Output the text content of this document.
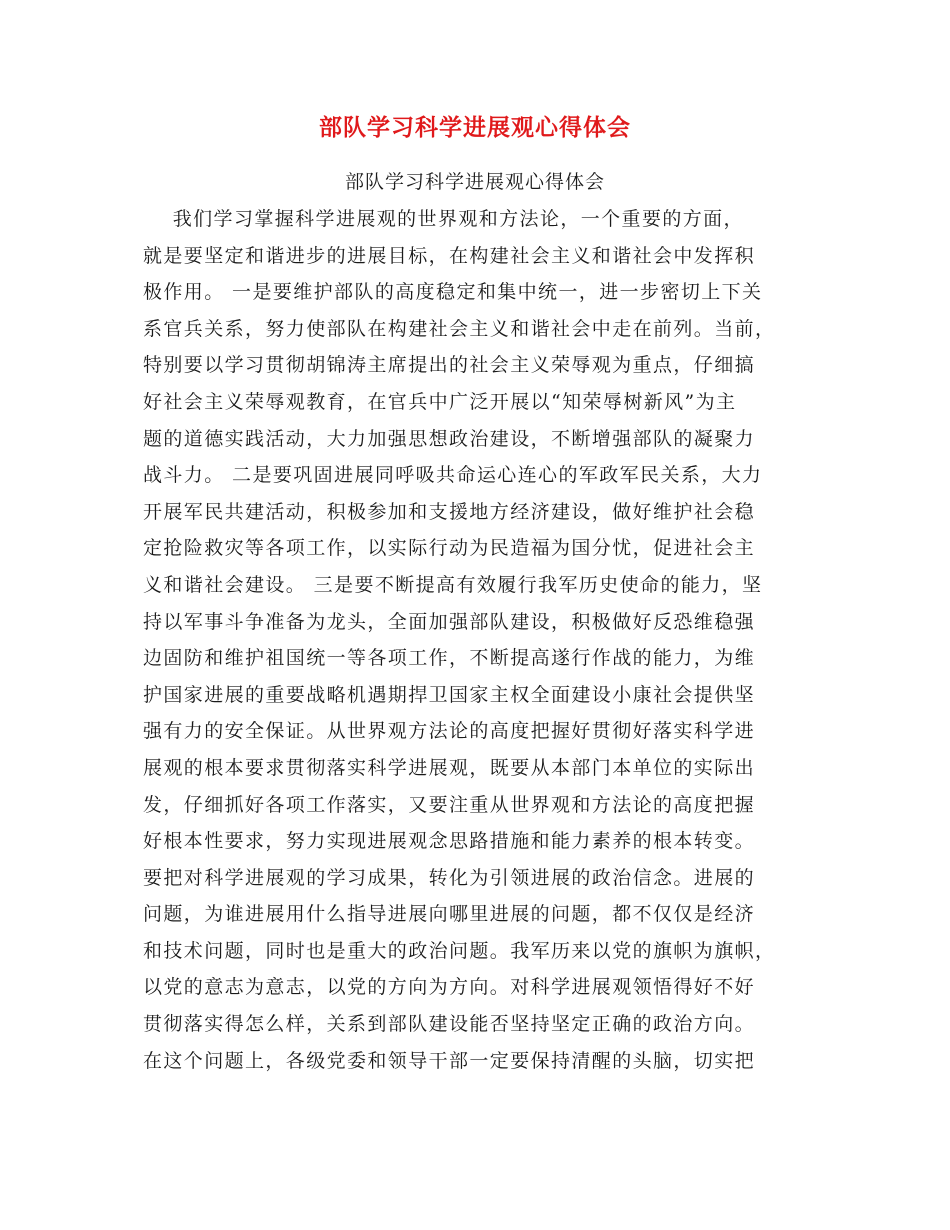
部队学习科学进展观心得体会
部队学习科学进展观心得体会
我们学习掌握科学进展观的世界观和方法论，一个重要的方面，
就是要坚定和谐进步的进展目标，在构建社会主义和谐社会中发挥积
极作用。 一是要维护部队的高度稳定和集中统一，进一步密切上下关
系官兵关系，努力使部队在构建社会主义和谐社会中走在前列。当前，
特别要以学习贯彻胡锦涛主席提出的社会主义荣辱观为重点，仔细搞
好社会主义荣辱观教育，在官兵中广泛开展以“知荣辱树新风”为主
题的道德实践活动，大力加强思想政治建设，不断增强部队的凝聚力
战斗力。 二是要巩固进展同呼吸共命运心连心的军政军民关系，大力
开展军民共建活动，积极参加和支援地方经济建设，做好维护社会稳
定抢险救灾等各项工作，以实际行动为民造福为国分忧，促进社会主
义和谐社会建设。 三是要不断提高有效履行我军历史使命的能力，坚
持以军事斗争准备为龙头，全面加强部队建设，积极做好反恐维稳强
边固防和维护祖国统一等各项工作，不断提高遂行作战的能力，为维
护国家进展的重要战略机遇期捍卫国家主权全面建设小康社会提供坚
强有力的安全保证。从世界观方法论的高度把握好贯彻好落实科学进
展观的根本要求贯彻落实科学进展观，既要从本部门本单位的实际出
发，仔细抓好各项工作落实，又要注重从世界观和方法论的高度把握
好根本性要求，努力实现进展观念思路措施和能力素养的根本转变。
要把对科学进展观的学习成果，转化为引领进展的政治信念。进展的
问题，为谁进展用什么指导进展向哪里进展的问题，都不仅仅是经济
和技术问题，同时也是重大的政治问题。我军历来以党的旗帜为旗帜，
以党的意志为意志，以党的方向为方向。对科学进展观领悟得好不好
贯彻落实得怎么样，关系到部队建设能否坚持坚定正确的政治方向。
在这个问题上，各级党委和领导干部一定要保持清醒的头脑，切实把
